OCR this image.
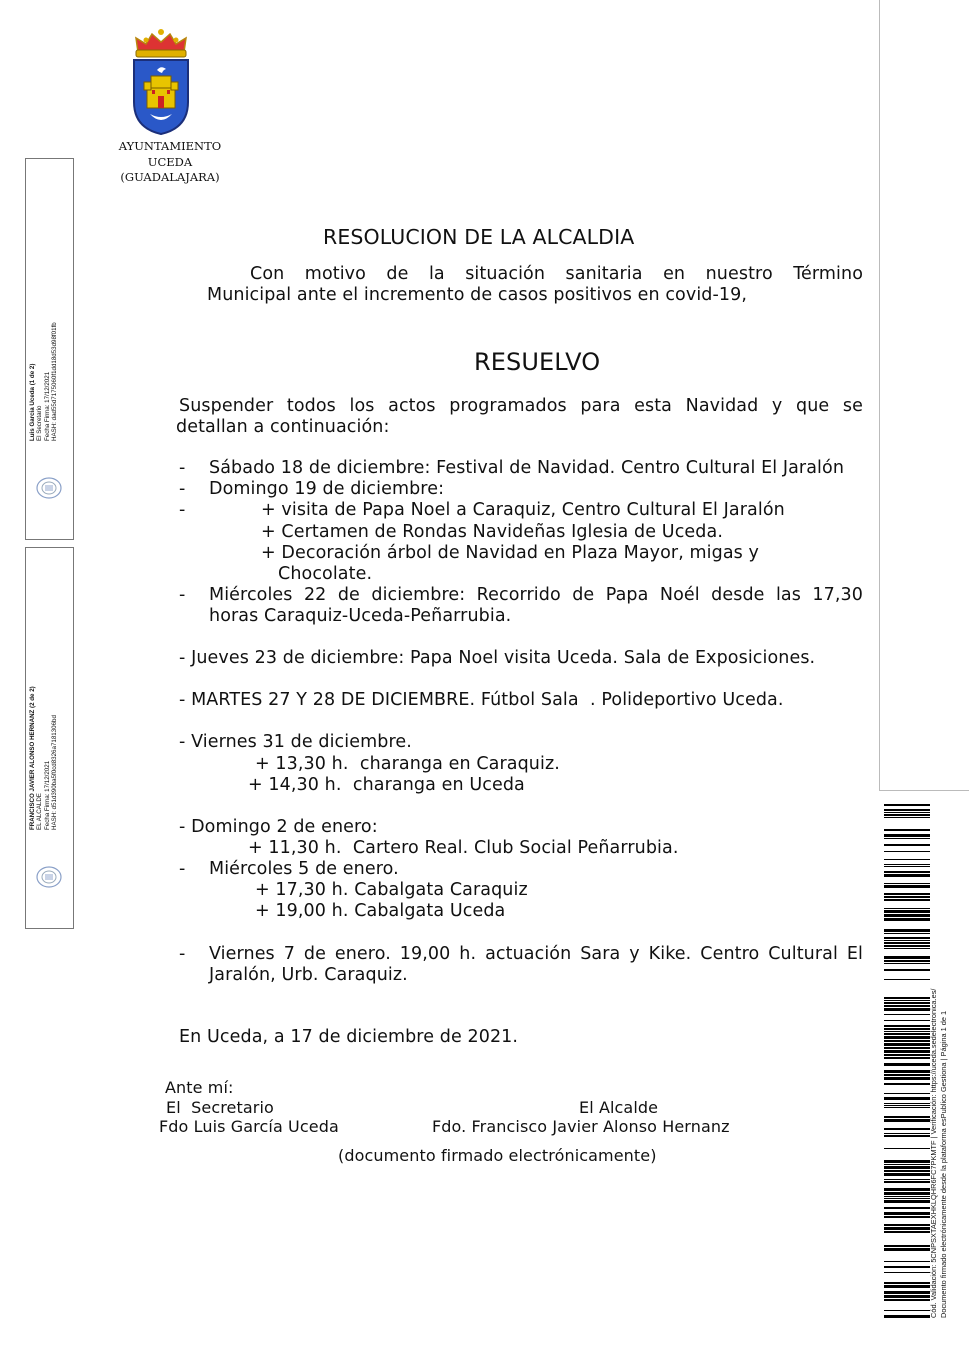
AYUNTAMIENTO
UCEDA
(GUADALAJARA)
Luis Garcia Uceda (1 de 2)
El Secretario
Fecha Firma: 17/12/2021
HASH: dad55d7175060f1dd18d53d98f01fb
FRANCISCO JAVIER ALONSO HERNANZ (2 de 2)
EL ALCALDE
Fecha Firma: 17/12/2021
HASH: d51d390ba5f0cd8326a7181306bd
Cód. Validación: 5CNPSXTAEXHKLQHR6FC7PKMTF | Verificación: https://uceda.sedelectronica.es/
Documento firmado electrónicamente desde la plataforma esPublico Gestiona | Página 1 de 1
RESOLUCION DE LA ALCALDIA
Con motivo de la situación sanitaria en nuestro Término
Municipal ante el incremento de casos positivos en covid-19,
RESUELVO
Suspender todos los actos programados para esta Navidad y que se
detallan a continuación:
- Sábado 18 de diciembre: Festival de Navidad. Centro Cultural El Jaralón
- Domingo 19 de diciembre:
-	+ visita de Papa Noel a Caraquiz, Centro Cultural El Jaralón
+ Certamen de Rondas Navideñas Iglesia de Uceda.
+ Decoración árbol de Navidad en Plaza Mayor, migas y
Chocolate.
- Miércoles 22 de diciembre: Recorrido de Papa Noél desde las 17,30
horas Caraquiz-Uceda-Peñarrubia.
- Jueves 23 de diciembre: Papa Noel visita Uceda. Sala de Exposiciones.
- MARTES 27 Y 28 DE DICIEMBRE. Fútbol Sala  . Polideportivo Uceda.
- Viernes 31 de diciembre.
+ 13,30 h.  charanga en Caraquiz.
+ 14,30 h.  charanga en Uceda
- Domingo 2 de enero:
+ 11,30 h.  Cartero Real. Club Social Peñarrubia.
- Miércoles 5 de enero.
+ 17,30 h. Cabalgata Caraquiz
+ 19,00 h. Cabalgata Uceda
- Viernes 7 de enero. 19,00 h. actuación Sara y Kike. Centro Cultural El
Jaralón, Urb. Caraquiz.
En Uceda, a 17 de diciembre de 2021.
Ante mí:
El  Secretario
Fdo Luis García Uceda
El Alcalde
Fdo. Francisco Javier Alonso Hernanz
(documento firmado electrónicamente)
